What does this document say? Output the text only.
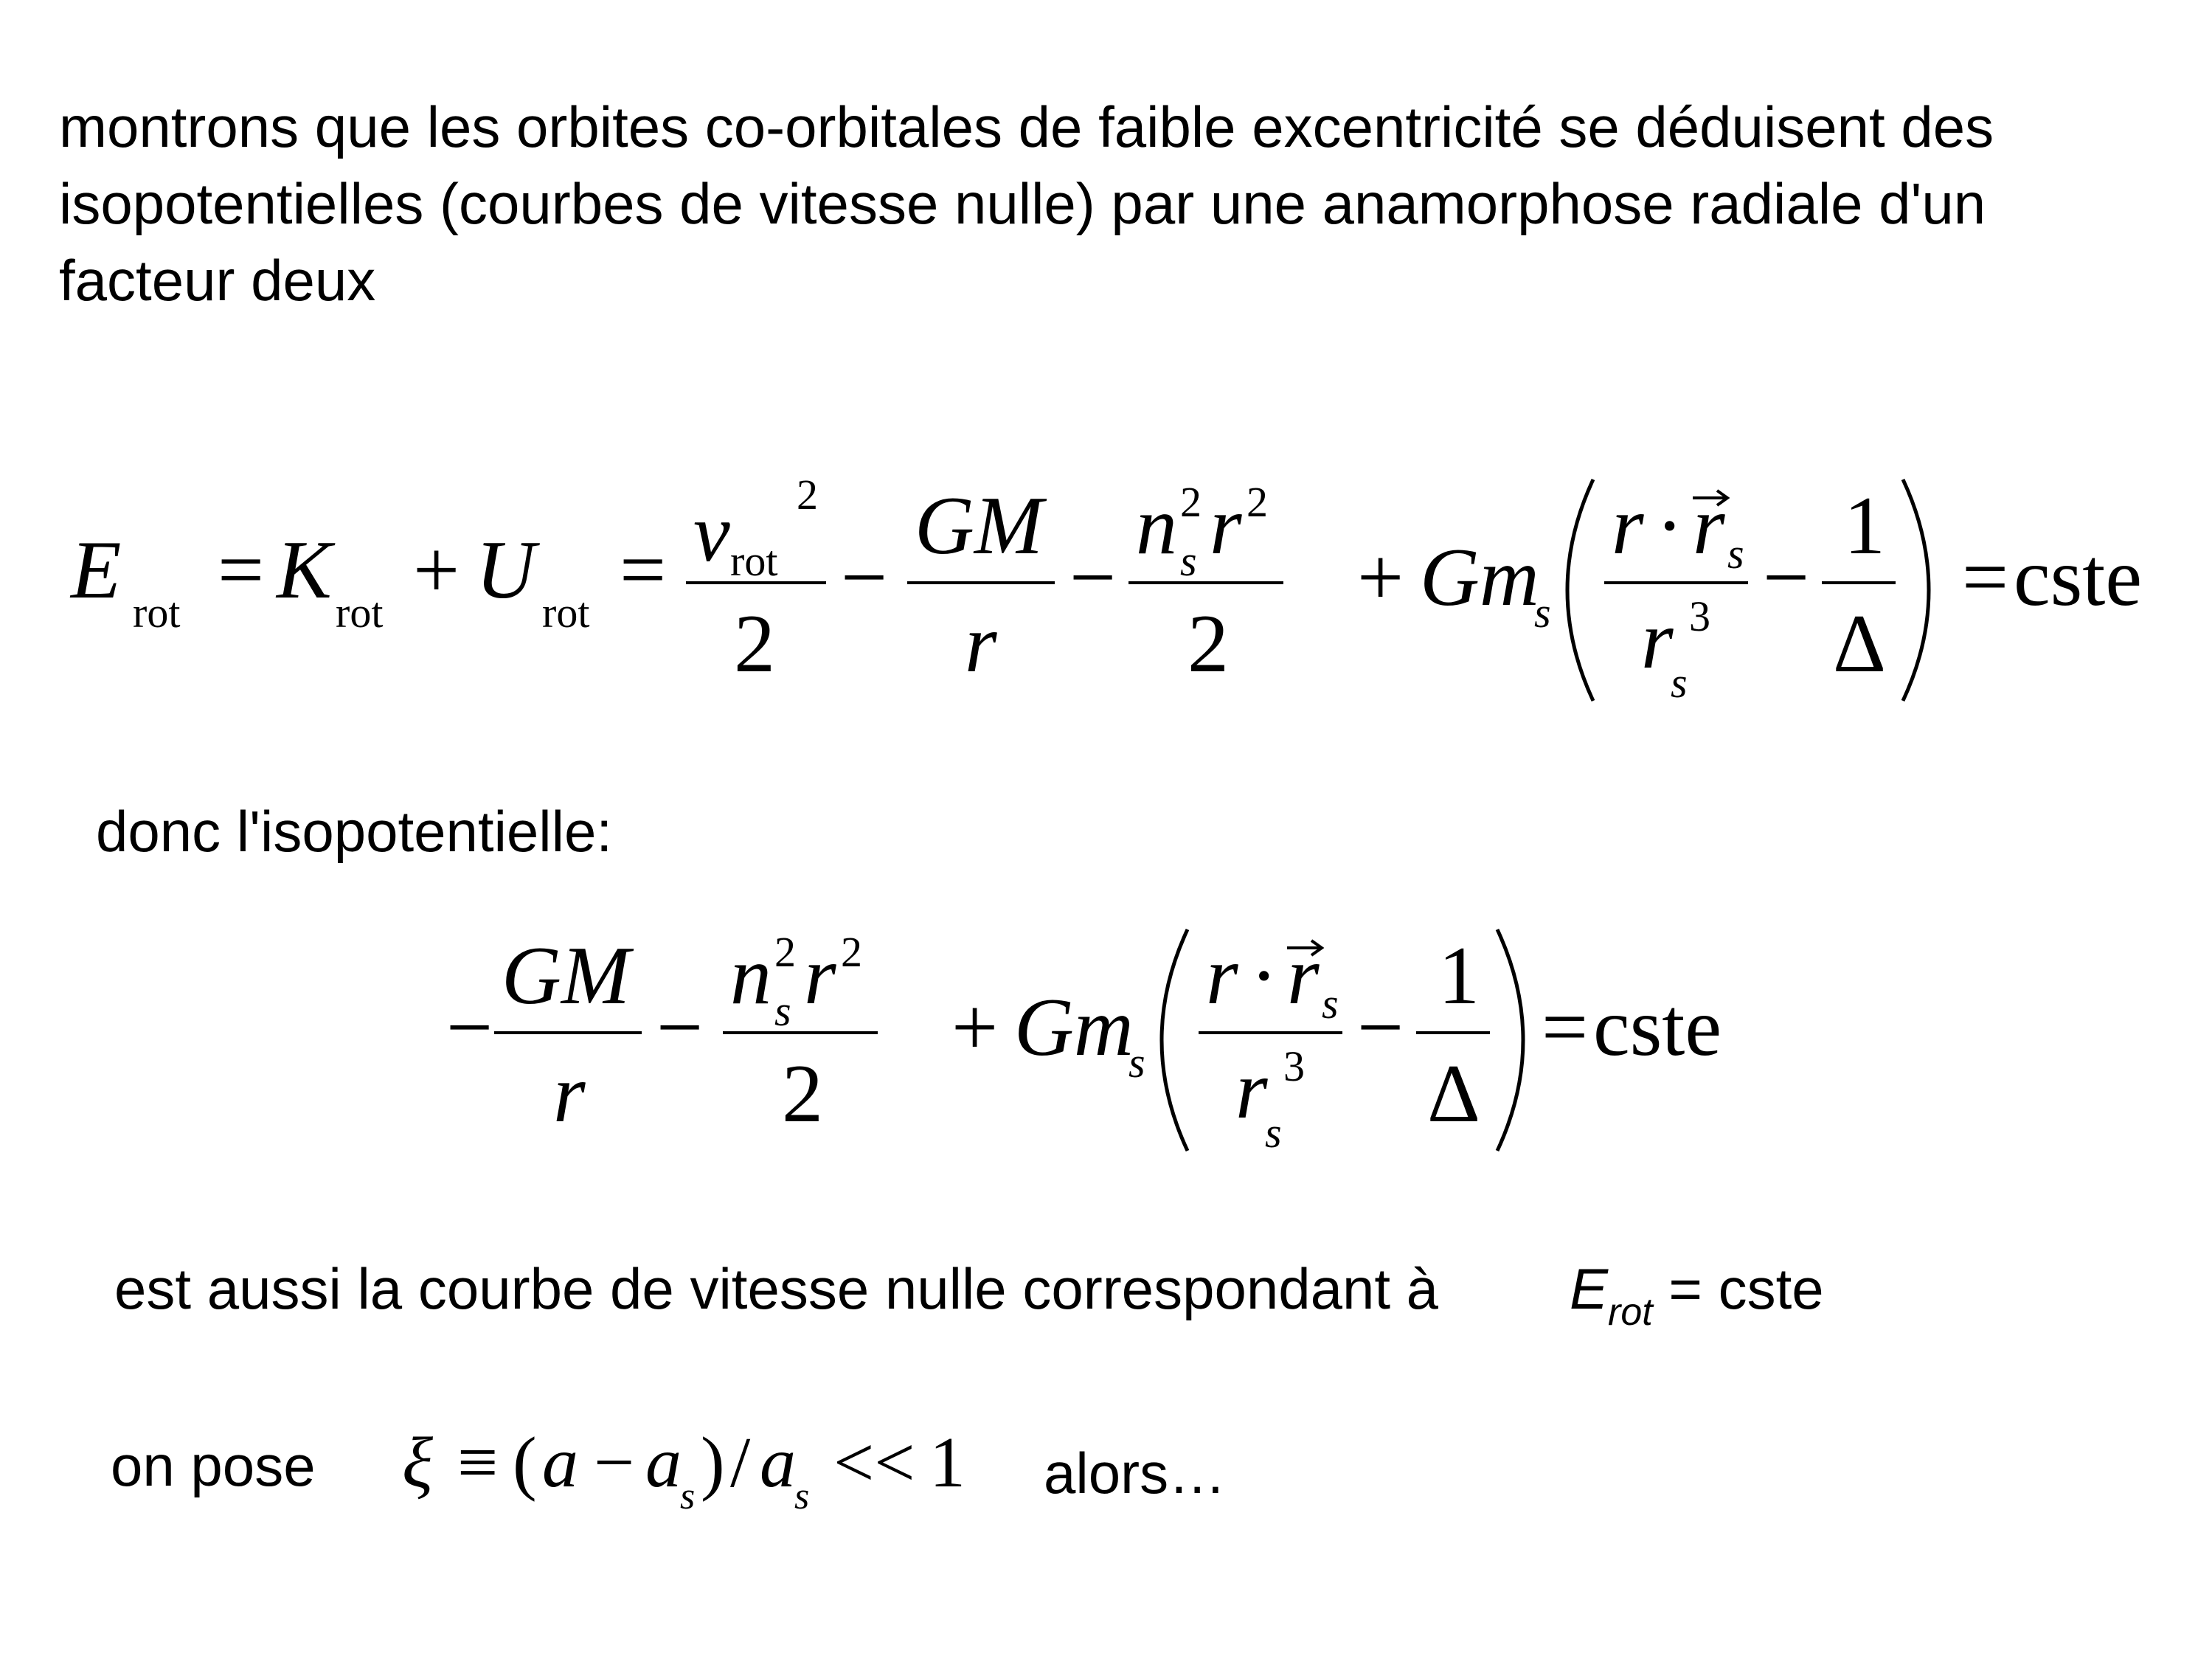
montrons que les orbites co-orbitales de faible excentricité se déduisent des
isopotentielles (courbes de vitesse nulle) par une anamorphose radiale d'un
facteur deux
E rot = K rot + U rot = v rot
2
2
−
GM
r
−
n s
2 r 2
2
+ Gm
s
r · r s
r
s
3 −
1
Δ
= cste
donc l'isopotentielle:
−
GM
r
−
n s
2 r 2
2
+ Gm
s
r · r s
r
s
3 −
1
Δ
= cste
est aussi la courbe de vitesse nulle correspondant à $E_{rot}$ = cste
on pose ξ ≡ ( a − a
s ) / a
s << 1 alors…
